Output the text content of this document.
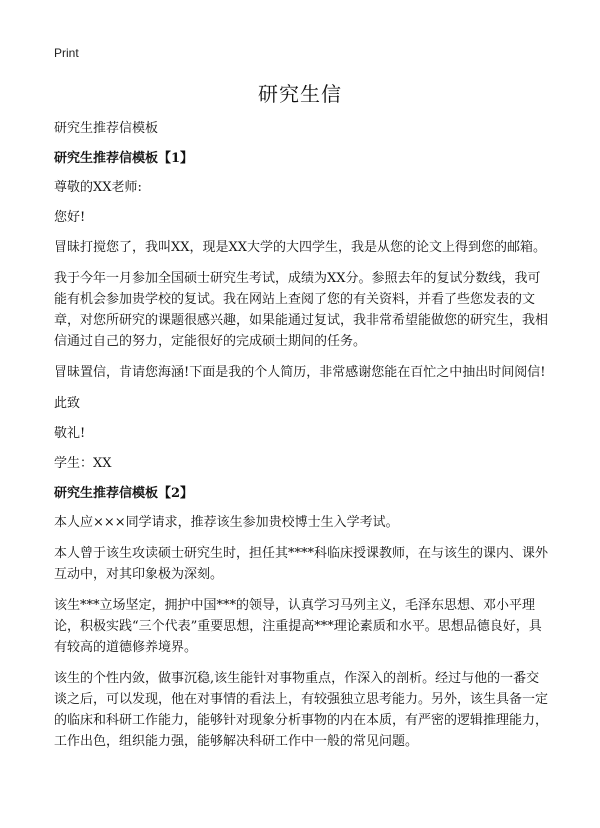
Print
研究生信

研究生推荐信模板

研究生推荐信模板【1】

尊敬的XX老师:

您好!

冒昧打搅您了，我叫XX，现是XX大学的大四学生，我是从您的论文上得到您的邮箱。

我于今年一月参加全国硕士研究生考试，成绩为XX分。参照去年的复试分数线，我可能有机会参加贵学校的复试。我在网站上查阅了您的有关资料，并看了些您发表的文章，对您所研究的课题很感兴趣，如果能通过复试，我非常希望能做您的研究生，我相信通过自己的努力，定能很好的完成硕士期间的任务。

冒昧置信，肯请您海涵!下面是我的个人简历，非常感谢您能在百忙之中抽出时间阅信!

此致

敬礼!

学生：XX

研究生推荐信模板【2】

本人应×××同学请求，推荐该生参加贵校博士生入学考试。

本人曾于该生攻读硕士研究生时，担任其****科临床授课教师，在与该生的课内、课外互动中，对其印象极为深刻。

该生***立场坚定，拥护中国***的领导，认真学习马列主义，毛泽东思想、邓小平理论，积极实践“三个代表”重要思想，注重提高***理论素质和水平。思想品德良好，具有较高的道德修养境界。

该生的个性内敛，做事沉稳,该生能针对事物重点，作深入的剖析。经过与他的一番交谈之后，可以发现，他在对事情的看法上，有较强独立思考能力。另外，该生具备一定的临床和科研工作能力，能够针对现象分析事物的内在本质，有严密的逻辑推理能力，工作出色，组织能力强，能够解决科研工作中一般的常见问题。
